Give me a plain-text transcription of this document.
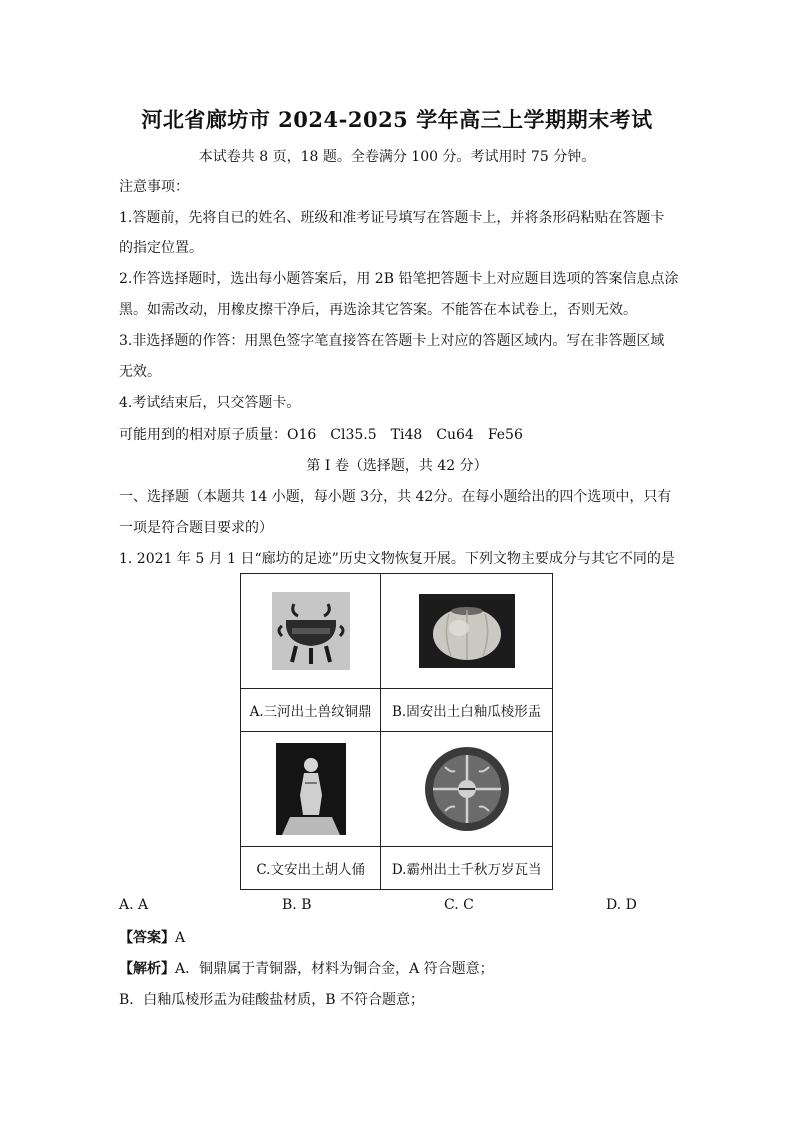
河北省廊坊市 2024-2025 学年高三上学期期末考试
本试卷共 8 页，18 题。全卷满分 100 分。考试用时 75 分钟。
注意事项：
1.答题前，先将自已的姓名、班级和准考证号填写在答题卡上，并将条形码粘贴在答题卡
的指定位置。
2.作答选择题时，选出每小题答案后，用 2B 铅笔把答题卡上对应题目选项的答案信息点涂
黑。如需改动，用橡皮擦干净后，再选涂其它答案。不能答在本试卷上，否则无效。
3.非选择题的作答：用黑色签字笔直接答在答题卡上对应的答题区域内。写在非答题区域
无效。
4.考试结束后，只交答题卡。
可能用到的相对原子质量：O16　Cl35.5　Ti48　Cu64　Fe56
第 I 卷（选择题，共 42 分）
一、选择题（本题共 14 小题，每小题 3分，共 42分。在每小题给出的四个选项中，只有
一项是符合题目要求的）
1. 2021 年 5 月 1 日“廊坊的足迹”历史文物恢复开展。下列文物主要成分与其它不同的是

A.三河出土兽纹铜鼎	B.固安出土白釉瓜棱形盂

C.文安出土胡人俑	D.霸州出土千秋万岁瓦当
A. A	B. B	C. C	D. D
【答案】A
【解析】A．铜鼎属于青铜器，材料为铜合金，A 符合题意；
B．白釉瓜棱形盂为硅酸盐材质，B 不符合题意；
